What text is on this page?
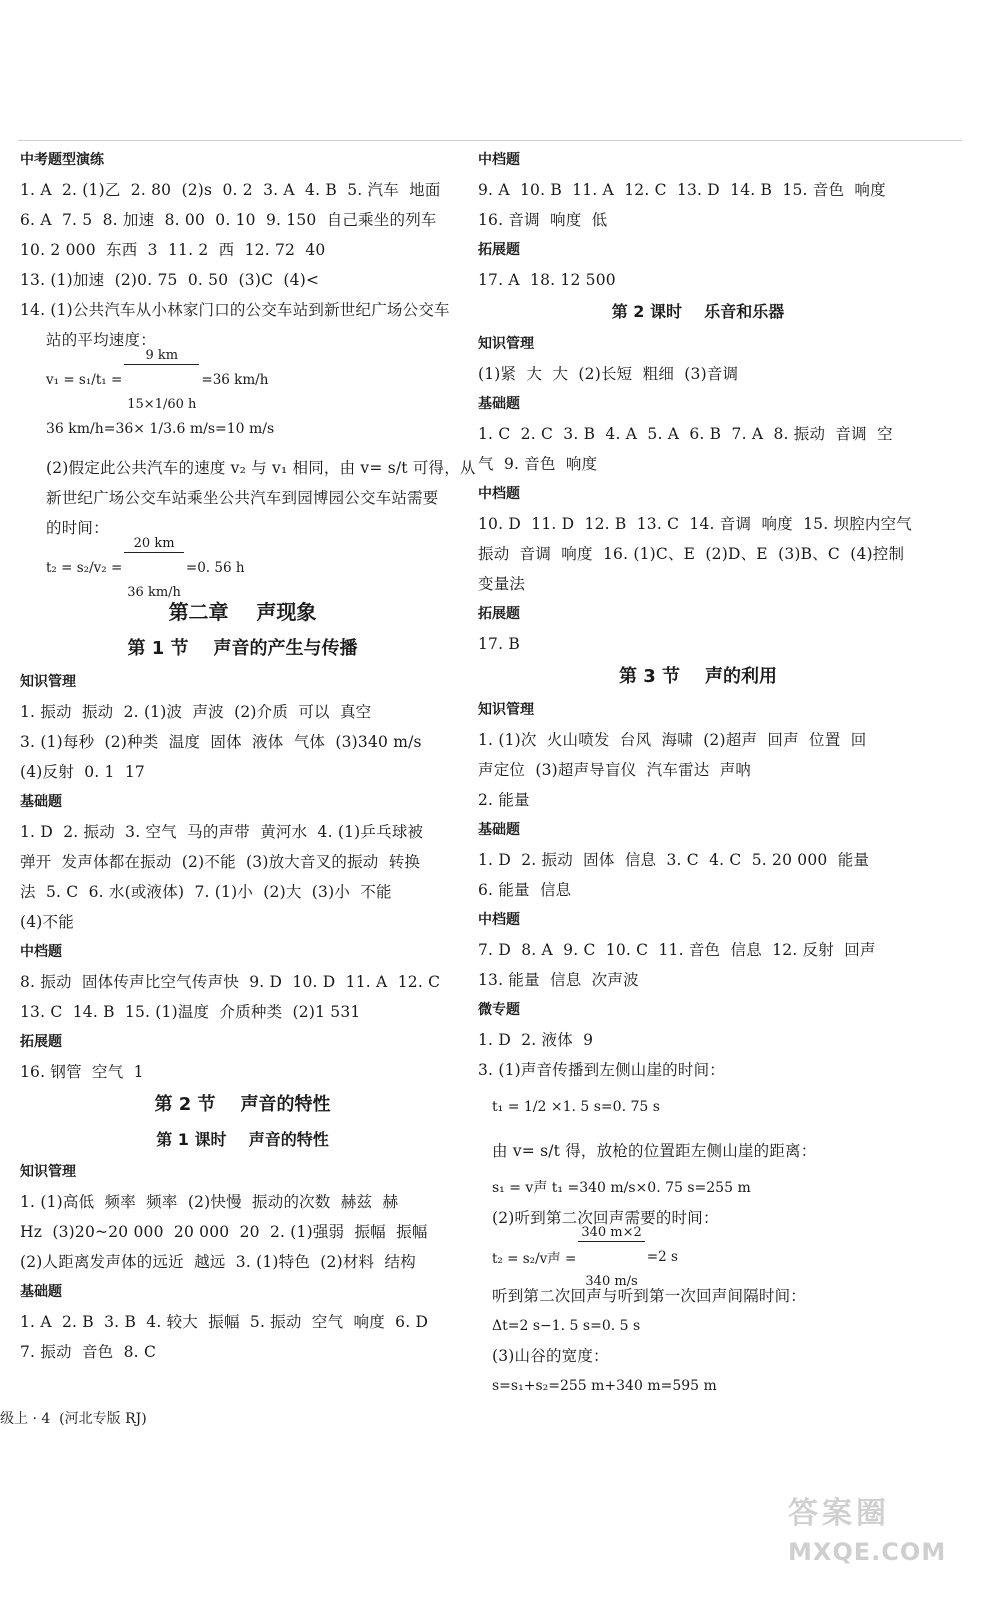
中考题型演练
1. A  2. (1)乙  2. 80  (2)s  0. 2  3. A  4. B  5. 汽车  地面
6. A  7. 5  8. 加速  8. 00  0. 10  9. 150  自己乘坐的列车
10. 2 000  东西  3  11. 2  西  12. 72  40
13. (1)加速  (2)0. 75  0. 50  (3)C  (4)<
14. (1)公共汽车从小林家门口的公交车站到新世纪广场公交车
站的平均速度：
v₁ = s₁/t₁ =

$\frac{9 km}{15\times 1/60 h}$

=36 km/h
36 km/h=36× 1/3.6 m/s=10 m/s
(2)假定此公共汽车的速度 v₂ 与 v₁ 相同，由 v= s/t 可得，从
新世纪广场公交车站乘坐公共汽车到园博园公交车站需要
的时间：
t₂ = s₂/v₂ =

$\frac{20 km}{36 km/h}$

=0. 56 h
第二章    声现象
第 1 节    声音的产生与传播
知识管理
1. 振动  振动  2. (1)波  声波  (2)介质  可以  真空
3. (1)每秒  (2)种类  温度  固体  液体  气体  (3)340 m/s
(4)反射  0. 1  17
基础题
1. D  2. 振动  3. 空气  马的声带  黄河水  4. (1)乒乓球被
弹开  发声体都在振动  (2)不能  (3)放大音叉的振动  转换
法  5. C  6. 水(或液体)  7. (1)小  (2)大  (3)小  不能
(4)不能
中档题
8. 振动  固体传声比空气传声快  9. D  10. D  11. A  12. C
13. C  14. B  15. (1)温度  介质种类  (2)1 531
拓展题
16. 钢管  空气  1
第 2 节    声音的特性
第 1 课时    声音的特性
知识管理
1. (1)高低  频率  频率  (2)快慢  振动的次数  赫兹  赫
Hz  (3)20~20 000  20 000  20  2. (1)强弱  振幅  振幅
(2)人距离发声体的远近  越远  3. (1)特色  (2)材料  结构
基础题
1. A  2. B  3. B  4. 较大  振幅  5. 振动  空气  响度  6. D
7. 振动  音色  8. C
中档题
9. A  10. B  11. A  12. C  13. D  14. B  15. 音色  响度
16. 音调  响度  低
拓展题
17. A  18. 12 500
第 2 课时    乐音和乐器
知识管理
(1)紧  大  大  (2)长短  粗细  (3)音调
基础题
1. C  2. C  3. B  4. A  5. A  6. B  7. A  8. 振动  音调  空
气  9. 音色  响度
中档题
10. D  11. D  12. B  13. C  14. 音调  响度  15. 坝腔内空气
振动  音调  响度  16. (1)C、E  (2)D、E  (3)B、C  (4)控制
变量法
拓展题
17. B
第 3 节    声的利用
知识管理
1. (1)次  火山喷发  台风  海啸  (2)超声  回声  位置  回
声定位  (3)超声导盲仪  汽车雷达  声呐
2. 能量
基础题
1. D  2. 振动  固体  信息  3. C  4. C  5. 20 000  能量
6. 能量  信息
中档题
7. D  8. A  9. C  10. C  11. 音色  信息  12. 反射  回声
13. 能量  信息  次声波
微专题
1. D  2. 液体  9
3. (1)声音传播到左侧山崖的时间：
t₁ = 1/2 ×1. 5 s=0. 75 s
由 v= s/t 得，放枪的位置距左侧山崖的距离：
s₁ = v声 t₁ =340 m/s×0. 75 s=255 m
(2)听到第二次回声需要的时间：
t₂ = s₂/v声 =

$\frac{340 m\times 2}{340 m/s}$

=2 s
听到第二次回声与听到第一次回声间隔时间：
Δt=2 s−1. 5 s=0. 5 s
(3)山谷的宽度：
s=s₁+s₂=255 m+340 m=595 m
级上 · 4  (河北专版 RJ)
答案圈
MXQE.COM
